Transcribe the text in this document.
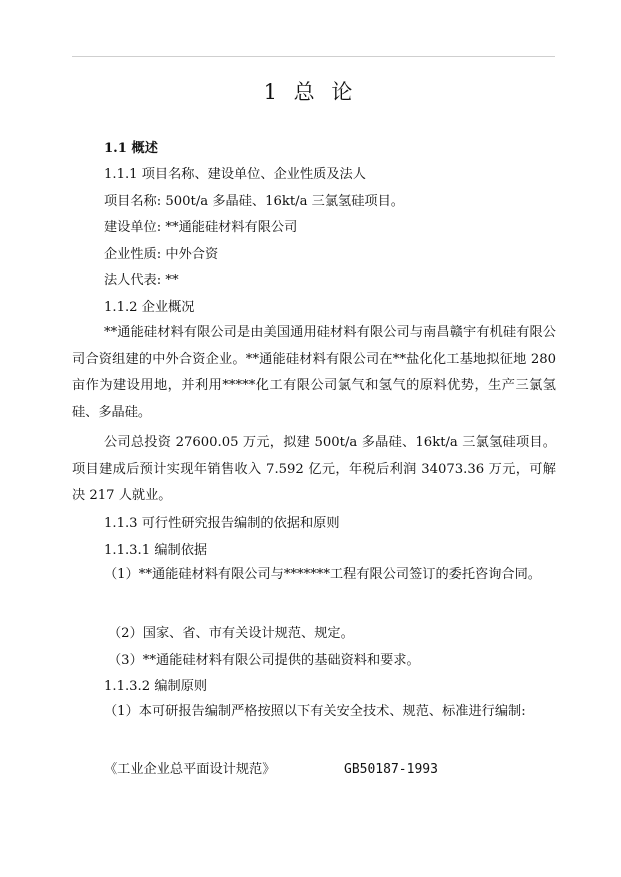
1 总 论
1.1 概述
1.1.1 项目名称、建设单位、企业性质及法人
项目名称: 500t/a 多晶硅、16kt/a 三氯氢硅项目。
建设单位: **通能硅材料有限公司
企业性质: 中外合资
法人代表: **
1.1.2 企业概况
**通能硅材料有限公司是由美国通用硅材料有限公司与南昌赣宇有机硅有限公司合资组建的中外合资企业。**通能硅材料有限公司在**盐化化工基地拟征地 280 亩作为建设用地，并利用*****化工有限公司氯气和氢气的原料优势，生产三氯氢硅、多晶硅。
公司总投资 27600.05 万元，拟建 500t/a 多晶硅、16kt/a 三氯氢硅项目。项目建成后预计实现年销售收入 7.592 亿元，年税后利润 34073.36 万元，可解决 217 人就业。
1.1.3 可行性研究报告编制的依据和原则
1.1.3.1 编制依据
（1）**通能硅材料有限公司与*******工程有限公司签订的委托咨询合同。
（2）国家、省、市有关设计规范、规定。
（3）**通能硅材料有限公司提供的基础资料和要求。
1.1.3.2 编制原则
（1）本可研报告编制严格按照以下有关安全技术、规范、标准进行编制:
《工业企业总平面设计规范》	GB50187-1993
